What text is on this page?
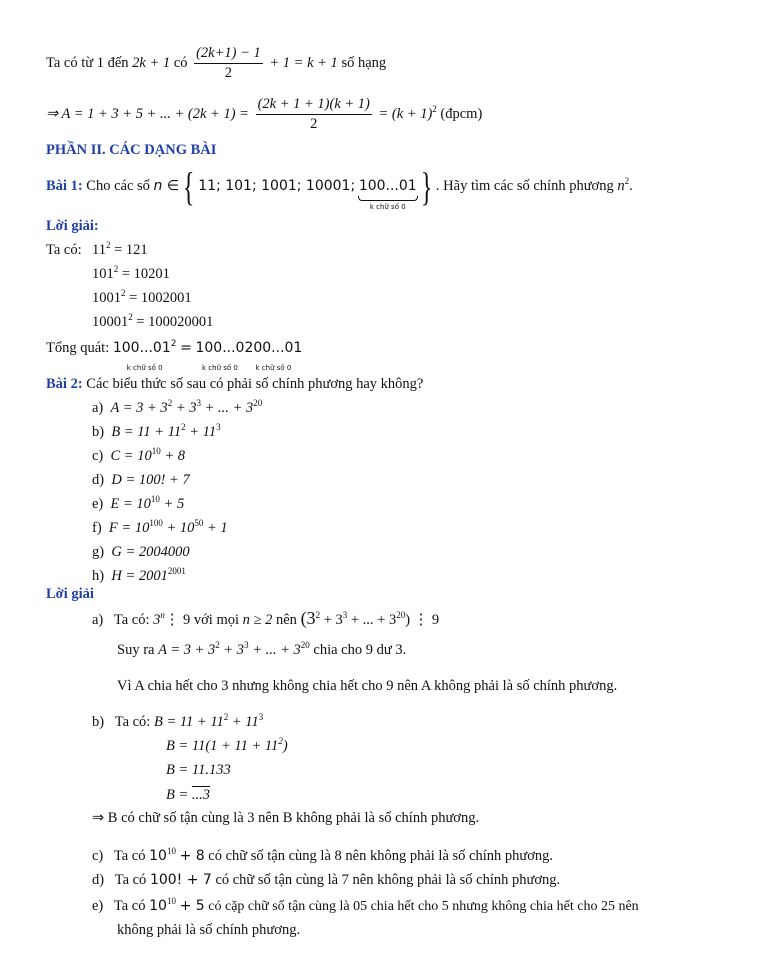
Ta có từ 1 đến 2k + 1 có $\frac{(2k+1) - 1}{2} + 1 = k + 1$ số hạng
⇒ A = 1 + 3 + 5 + ... + $(2k + 1) = \frac{(2k + 1 + 1)(k + 1)}{2} = (k + 1)^2$ (đpcm)
PHẦN II. CÁC DẠNG BÀI
Bài 1: Cho các số n ∈{ 11; 101; 1001; 10001; 100...01
k chữ số 0 } . Hãy tìm các số chính phương $n^2$.
Lời giải:
Ta có: $11^2 = 121$
$101^2 = 10201$
$1001^2 = 1002001$
$10001^2 = 100020001$
Tổng quát: 100...01$^2$
k chữ số 0
= 100...0
k chữ số 0
200...01
k chữ số 0
Bài 2: Các biểu thức số sau có phải số chính phương hay không?
a) $A = 3 + 3^2 + 3^3$ + ... + $3^{20}$
b) $B = 11 + 11^2 + 11^3$
c) $C = 10^{10} + 8$
d) D = 100! + 7
e) $E = 10^{10} + 5$
f) $F = 10^{100} + 10^{50} + 1$
g) G = 2004000
h) $H = 2001^{2001}$
Lời giải
a) Ta có: 3$^n$⋮ 9 với mọi n ≥ 2 nên ($3^2 + 3^3$ + ... + $3^{20}$) ⋮ 9
Suy ra $A = 3 + 3^2 + 3^3$ + ... + $3^{20}$ chia cho 9 dư 3.
Vì A chia hết cho 3 nhưng không chia hết cho 9 nên A không phải là số chính phương.
b) Ta có: $B = 11 + 11^2 + 11^3$
$B = 11(1 + 11 + 11^2)$
B = 11.133
B = ...3
⇒ B có chữ số tận cùng là 3 nên B không phải là số chính phương.
c) Ta có $10^{10} + 8$ có chữ số tận cùng là 8 nên không phải là số chính phương.
d) Ta có 100! + 7 có chữ số tận cùng là 7 nên không phải là số chính phương.
e) Ta có $10^{10} + 5$ có cặp chữ số tận cùng là 05 chia hết cho 5 nhưng không chia hết cho 25 nên
không phải là số chính phương.
